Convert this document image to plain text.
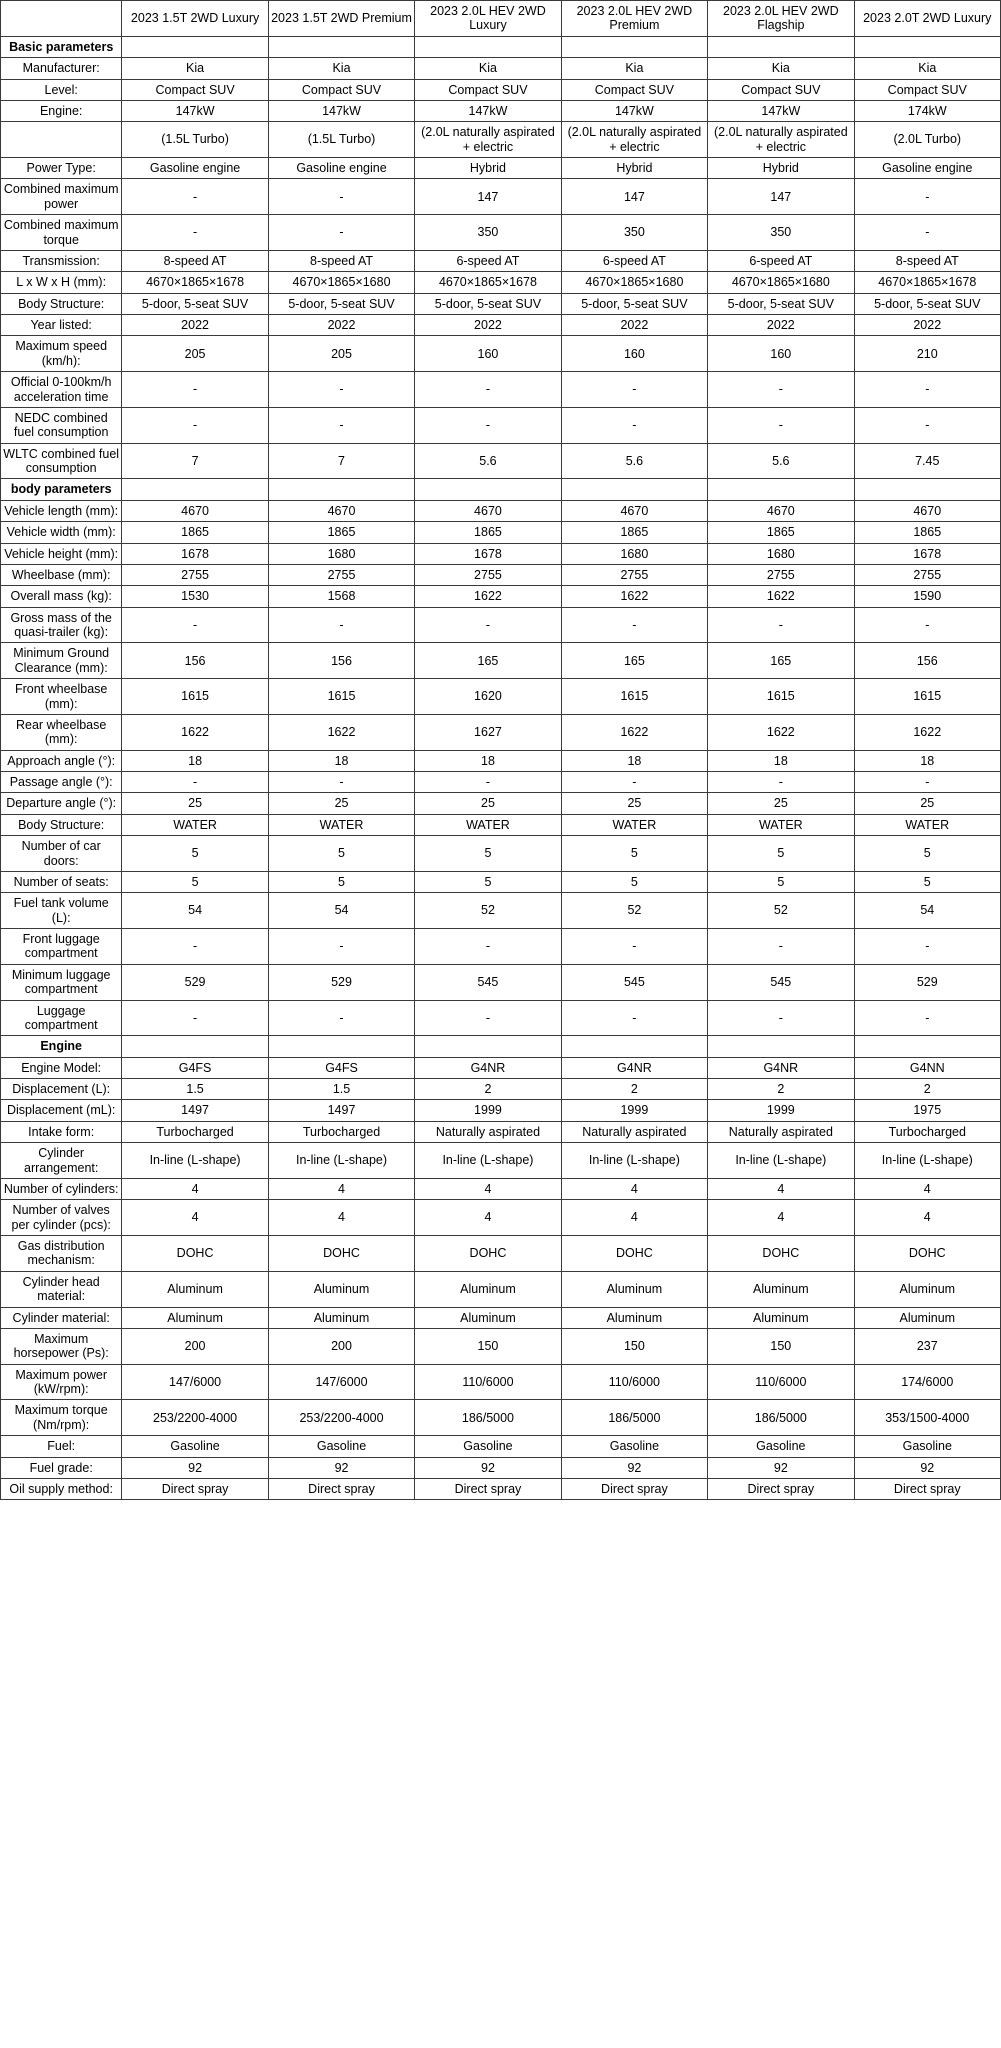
	2023 1.5T 2WD Luxury	2023 1.5T 2WD Premium	2023 2.0L HEV 2WD Luxury	2023 2.0L HEV 2WD Premium	2023 2.0L HEV 2WD Flagship	2023 2.0T 2WD Luxury
Basic parameters						
Manufacturer:	Kia	Kia	Kia	Kia	Kia	Kia
Level:	Compact SUV	Compact SUV	Compact SUV	Compact SUV	Compact SUV	Compact SUV
Engine:	147kW	147kW	147kW	147kW	147kW	174kW
	(1.5L Turbo)	(1.5L Turbo)	(2.0L naturally aspirated + electric	(2.0L naturally aspirated + electric	(2.0L naturally aspirated + electric	(2.0L Turbo)
Power Type:	Gasoline engine	Gasoline engine	Hybrid	Hybrid	Hybrid	Gasoline engine
Combined maximum power	-	-	147	147	147	-
Combined maximum torque	-	-	350	350	350	-
Transmission:	8-speed AT	8-speed AT	6-speed AT	6-speed AT	6-speed AT	8-speed AT
L x W x H (mm):	4670×1865×1678	4670×1865×1680	4670×1865×1678	4670×1865×1680	4670×1865×1680	4670×1865×1678
Body Structure:	5-door, 5-seat SUV	5-door, 5-seat SUV	5-door, 5-seat SUV	5-door, 5-seat SUV	5-door, 5-seat SUV	5-door, 5-seat SUV
Year listed:	2022	2022	2022	2022	2022	2022
Maximum speed (km/h):	205	205	160	160	160	210
Official 0-100km/h acceleration time	-	-	-	-	-	-
NEDC combined fuel consumption	-	-	-	-	-	-
WLTC combined fuel consumption	7	7	5.6	5.6	5.6	7.45
body parameters						
Vehicle length (mm):	4670	4670	4670	4670	4670	4670
Vehicle width (mm):	1865	1865	1865	1865	1865	1865
Vehicle height (mm):	1678	1680	1678	1680	1680	1678
Wheelbase (mm):	2755	2755	2755	2755	2755	2755
Overall mass (kg):	1530	1568	1622	1622	1622	1590
Gross mass of the quasi-trailer (kg):	-	-	-	-	-	-
Minimum Ground Clearance (mm):	156	156	165	165	165	156
Front wheelbase (mm):	1615	1615	1620	1615	1615	1615
Rear wheelbase (mm):	1622	1622	1627	1622	1622	1622
Approach angle (°):	18	18	18	18	18	18
Passage angle (°):	-	-	-	-	-	-
Departure angle (°):	25	25	25	25	25	25
Body Structure:	WATER	WATER	WATER	WATER	WATER	WATER
Number of car doors:	5	5	5	5	5	5
Number of seats:	5	5	5	5	5	5
Fuel tank volume (L):	54	54	52	52	52	54
Front luggage compartment	-	-	-	-	-	-
Minimum luggage compartment	529	529	545	545	545	529
Luggage compartment	-	-	-	-	-	-
Engine						
Engine Model:	G4FS	G4FS	G4NR	G4NR	G4NR	G4NN
Displacement (L):	1.5	1.5	2	2	2	2
Displacement (mL):	1497	1497	1999	1999	1999	1975
Intake form:	Turbocharged	Turbocharged	Naturally aspirated	Naturally aspirated	Naturally aspirated	Turbocharged
Cylinder arrangement:	In-line (L-shape)	In-line (L-shape)	In-line (L-shape)	In-line (L-shape)	In-line (L-shape)	In-line (L-shape)
Number of cylinders:	4	4	4	4	4	4
Number of valves per cylinder (pcs):	4	4	4	4	4	4
Gas distribution mechanism:	DOHC	DOHC	DOHC	DOHC	DOHC	DOHC
Cylinder head material:	Aluminum	Aluminum	Aluminum	Aluminum	Aluminum	Aluminum
Cylinder material:	Aluminum	Aluminum	Aluminum	Aluminum	Aluminum	Aluminum
Maximum horsepower (Ps):	200	200	150	150	150	237
Maximum power (kW/rpm):	147/6000	147/6000	110/6000	110/6000	110/6000	174/6000
Maximum torque (Nm/rpm):	253/2200-4000	253/2200-4000	186/5000	186/5000	186/5000	353/1500-4000
Fuel:	Gasoline	Gasoline	Gasoline	Gasoline	Gasoline	Gasoline
Fuel grade:	92	92	92	92	92	92
Oil supply method:	Direct spray	Direct spray	Direct spray	Direct spray	Direct spray	Direct spray
